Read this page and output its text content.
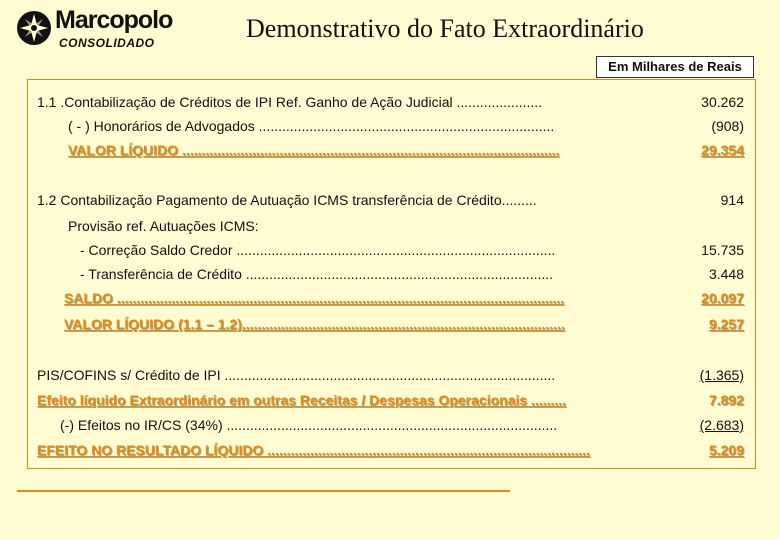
Marcopolo
CONSOLIDADO	Demonstrativo do Fato Extraordinário
Em Milhares de Reais
1.1 .Contabilização de Créditos de IPI Ref. Ganho de Ação Judicial ......................	30.262
( - ) Honorários de Advogados ............................................................................	(908)
VALOR LÍQUIDO .................................................................................................	29.354
1.2 Contabilização Pagamento de Autuação ICMS transferência de Crédito.........	914
Provisão ref. Autuações ICMS:
- Correção Saldo Credor ..................................................................................	15.735
- Transferência de Crédito ...............................................................................	3.448
SALDO ...................................................................................................................	20.097
VALOR LÍQUIDO (1.1 – 1.2)...................................................................................	9.257
PIS/COFINS s/ Crédito de IPI .....................................................................................	(1.365)
Efeito líquido Extraordinário em outras Receitas / Despesas Operacionais .........	7.892
(-) Efeitos no IR/CS (34%) .....................................................................................	(2.683)
EFEITO NO RESULTADO LÍQUIDO ...................................................................................	5.209
